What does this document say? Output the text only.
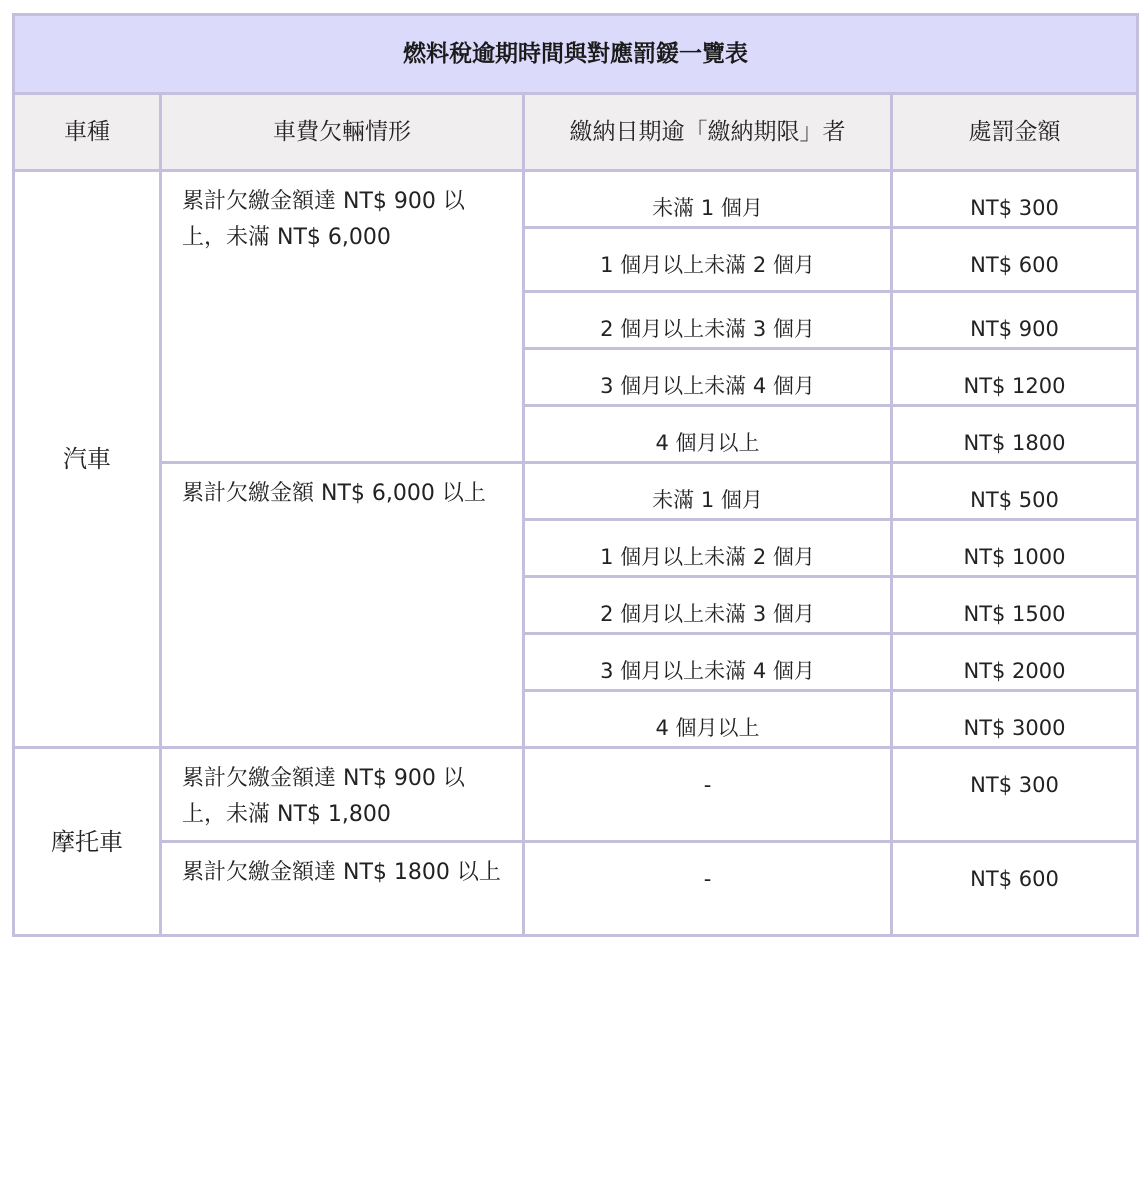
燃料稅逾期時間與對應罰鍰一覽表			
車種	車費欠輛情形	繳納日期逾「繳納期限」者	處罰金額
汽車	累計欠繳金額達 NT$ 900 以上，未滿 NT$ 6,000	未滿 1 個月	NT$ 300
		1 個月以上未滿 2 個月	NT$ 600
		2 個月以上未滿 3 個月	NT$ 900
		3 個月以上未滿 4 個月	NT$ 1200
		4 個月以上	NT$ 1800
	累計欠繳金額 NT$ 6,000 以上	未滿 1 個月	NT$ 500
		1 個月以上未滿 2 個月	NT$ 1000
		2 個月以上未滿 3 個月	NT$ 1500
		3 個月以上未滿 4 個月	NT$ 2000
		4 個月以上	NT$ 3000
摩托車	累計欠繳金額達 NT$ 900 以上，未滿 NT$ 1,800	-	NT$ 300
	累計欠繳金額達 NT$ 1800 以上	-	NT$ 600
